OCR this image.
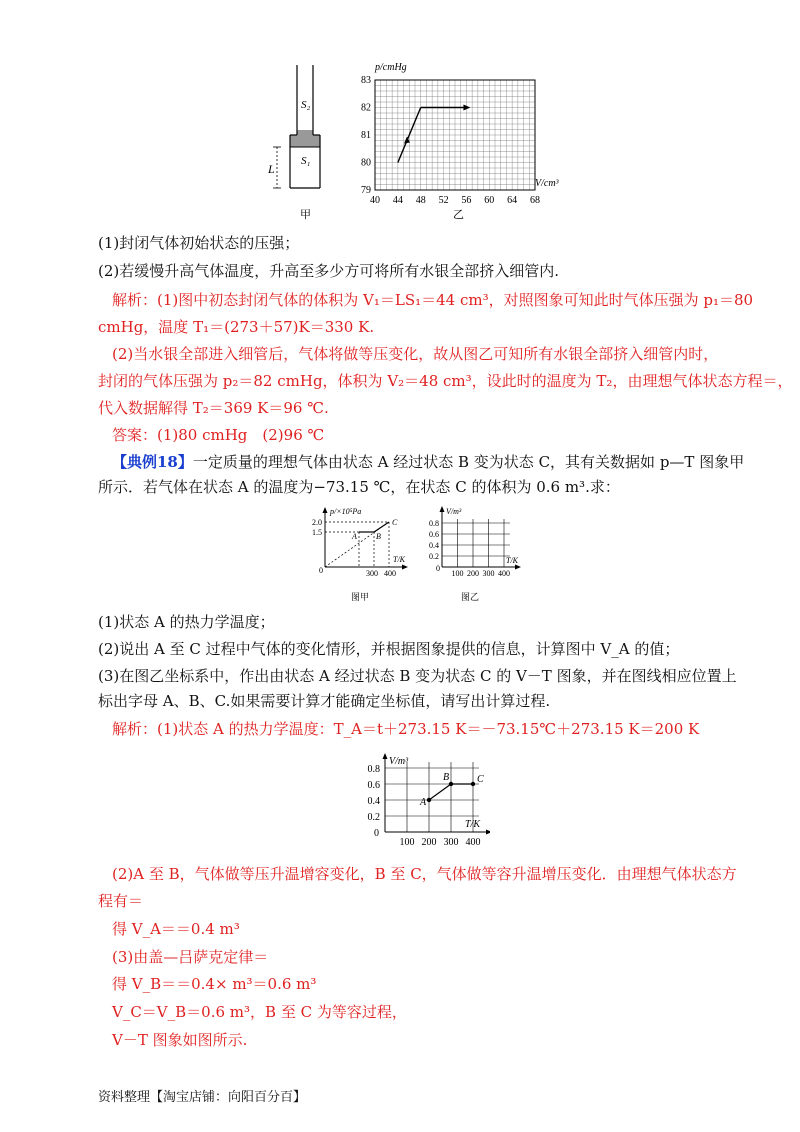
S₂
S₁
L
甲
p/cmHg
V/cm³
乙
40 44 48 52 56 60 64 68
79
80
81
82
83
(1)封闭气体初始状态的压强；
(2)若缓慢升高气体温度，升高至多少方可将所有水银全部挤入细管内.
解析：(1)图中初态封闭气体的体积为 V₁＝LS₁＝44 cm³，对照图象可知此时气体压强为 p₁＝80
cmHg，温度 T₁＝(273＋57)K＝330 K.
(2)当水银全部进入细管后，气体将做等压变化，故从图乙可知所有水银全部挤入细管内时，
封闭的气体压强为 p₂＝82 cmHg，体积为 V₂＝48 cm³，设此时的温度为 T₂，由理想气体状态方程＝，
代入数据解得 T₂＝369 K＝96 ℃.
答案：(1)80 cmHg　(2)96 ℃
【典例18】一定质量的理想气体由状态 A 经过状态 B 变为状态 C，其有关数据如 p—T 图象甲
所示．若气体在状态 A 的温度为−73.15 ℃，在状态 C 的体积为 0.6 m³.求：
p/×10⁵Pa
T/K
0
2.0
1.5
300 400
A B
C
图甲
V/m³
T/K
0
0.2
0.4
0.6
0.8
100 200 300 400
图乙
(1)状态 A 的热力学温度；
(2)说出 A 至 C 过程中气体的变化情形，并根据图象提供的信息，计算图中 V_A 的值；
(3)在图乙坐标系中，作出由状态 A 经过状态 B 变为状态 C 的 V－T 图象，并在图线相应位置上
标出字母 A、B、C.如果需要计算才能确定坐标值，请写出计算过程.
解析：(1)状态 A 的热力学温度：T_A＝t＋273.15 K＝－73.15℃＋273.15 K＝200 K
V/m³
T/K
0
0.2
0.4
0.6
0.8
100 200 300 400
A
B	C
(2)A 至 B，气体做等压升温增容变化，B 至 C，气体做等容升温增压变化．由理想气体状态方
程有＝
得 V_A＝＝0.4 m³
(3)由盖—吕萨克定律＝
得 V_B＝＝0.4× m³＝0.6 m³
V_C＝V_B＝0.6 m³，B 至 C 为等容过程，
V－T 图象如图所示.
资料整理【淘宝店铺：向阳百分百】
